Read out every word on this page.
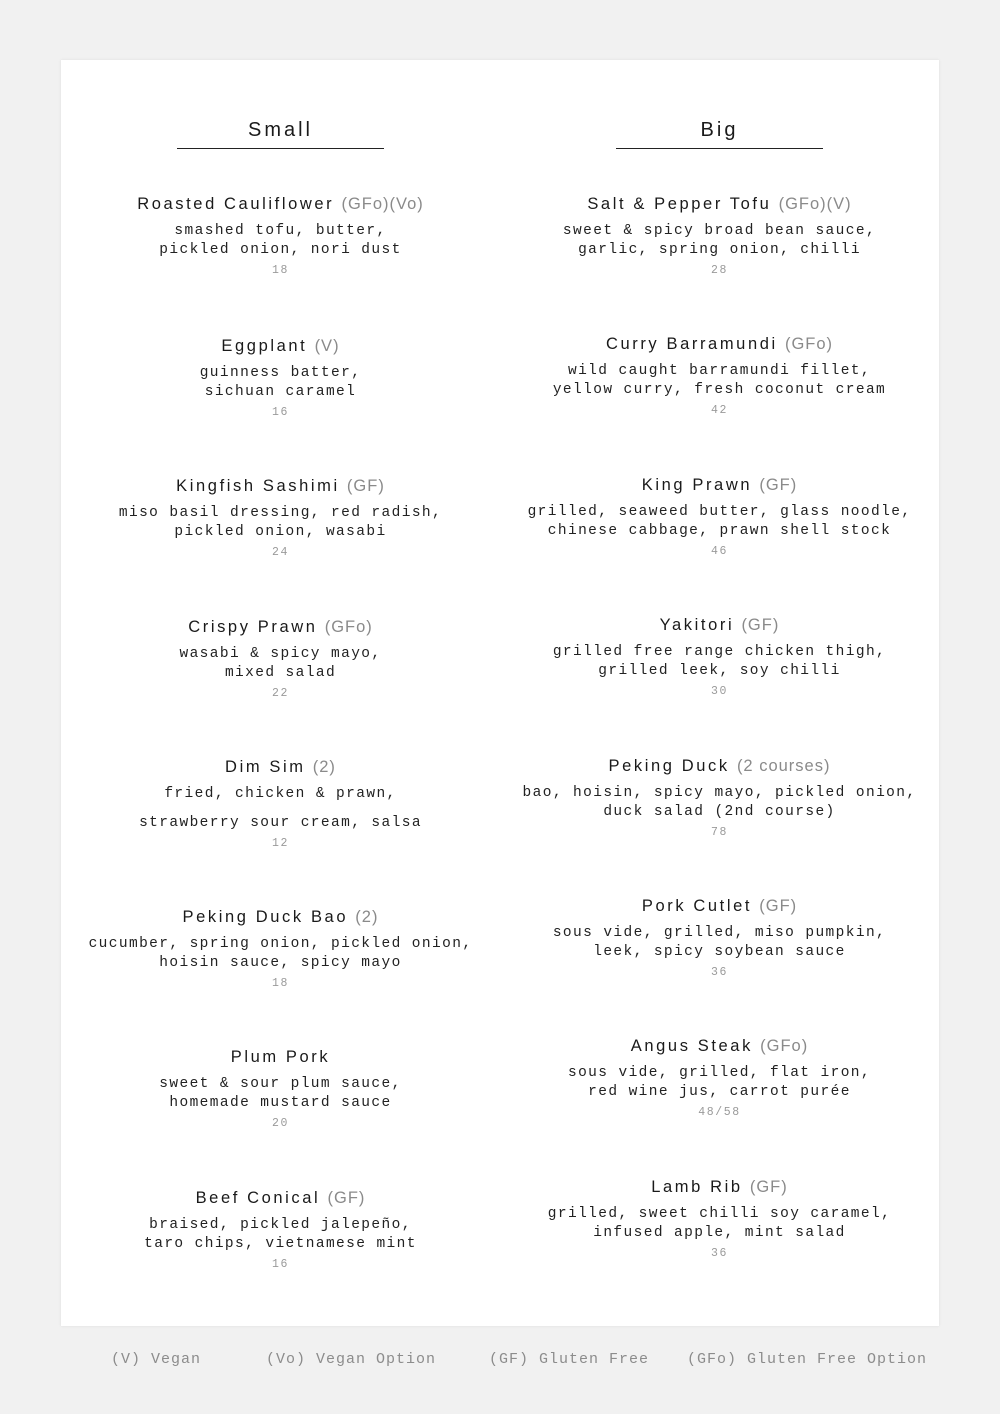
Small
Roasted Cauliflower (GFo)(Vo)
smashed tofu, butter,
pickled onion, nori dust
18
Eggplant (V)
guinness batter,
sichuan caramel
16
Kingfish Sashimi (GF)
miso basil dressing, red radish,
pickled onion, wasabi
24
Crispy Prawn (GFo)
wasabi & spicy mayo,
mixed salad
22
Dim Sim (2)
fried, chicken & prawn,
strawberry sour cream, salsa
12
Peking Duck Bao (2)
cucumber, spring onion, pickled onion,
hoisin sauce, spicy mayo
18
Plum Pork
sweet & sour plum sauce,
homemade mustard sauce
20
Beef Conical (GF)
braised, pickled jalepeño,
taro chips, vietnamese mint
16
Big
Salt & Pepper Tofu (GFo)(V)
sweet & spicy broad bean sauce,
garlic, spring onion, chilli
28
Curry Barramundi (GFo)
wild caught barramundi fillet,
yellow curry, fresh coconut cream
42
King Prawn (GF)
grilled, seaweed butter, glass noodle,
chinese cabbage, prawn shell stock
46
Yakitori (GF)
grilled free range chicken thigh,
grilled leek, soy chilli
30
Peking Duck (2 courses)
bao, hoisin, spicy mayo, pickled onion,
duck salad (2nd course)
78
Pork Cutlet (GF)
sous vide, grilled, miso pumpkin,
leek, spicy soybean sauce
36
Angus Steak (GFo)
sous vide, grilled, flat iron,
red wine jus, carrot purée
48/58
Lamb Rib (GF)
grilled, sweet chilli soy caramel,
infused apple, mint salad
36
(V) Vegan	(Vo) Vegan Option	(GF) Gluten Free	(GFo) Gluten Free Option
